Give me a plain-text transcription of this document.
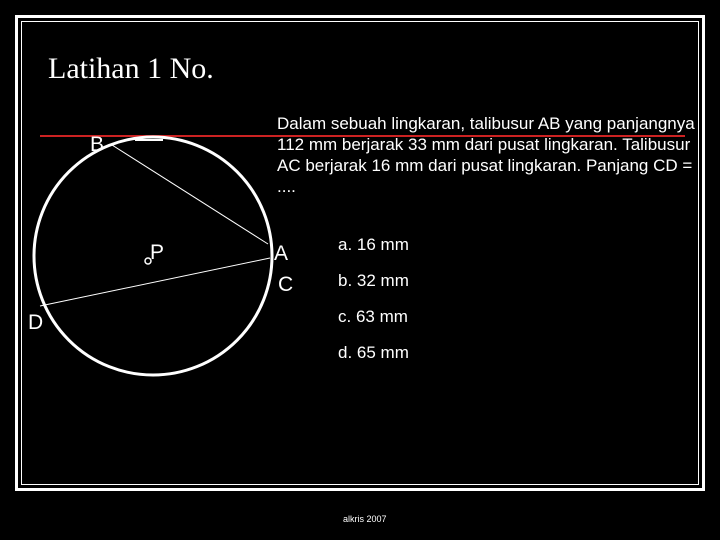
Latihan 1 No.
Dalam sebuah lingkaran, talibusur AB yang panjangnya 112 mm berjarak 33 mm dari pusat lingkaran. Talibusur AC berjarak 16 mm dari pusat lingkaran. Panjang CD = ....
B
P	A
C
D
a. 16 mm
b. 32 mm
c. 63 mm
d. 65 mm
alkris 2007
